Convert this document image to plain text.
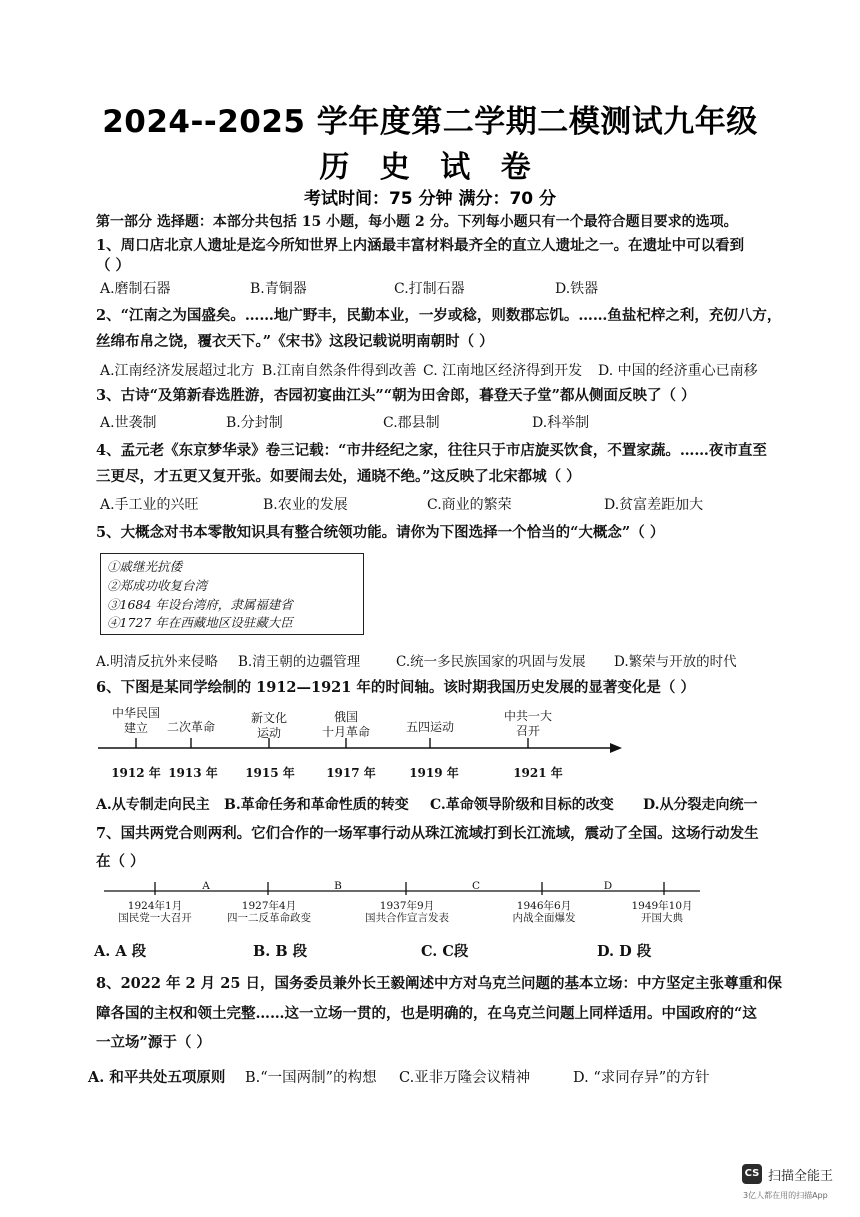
2024--2025 学年度第二学期二模测试九年级
历 史 试 卷
考试时间：75 分钟 满分：70 分
第一部分 选择题：本部分共包括 15 小题，每小题 2 分。下列每小题只有一个最符合题目要求的选项。
1、周口店北京人遗址是迄今所知世界上内涵最丰富材料最齐全的直立人遗址之一。在遗址中可以看到
（ ）
A.磨制石器	B.青铜器	C.打制石器	D.铁器
2、“江南之为国盛矣。……地广野丰，民勤本业，一岁或稔，则数郡忘饥。……鱼盐杞梓之利，充仞八方，
丝绵布帛之饶，覆衣天下。”《宋书》这段记载说明南朝时（ ）
A.江南经济发展超过北方 B.江南自然条件得到改善 C. 江南地区经济得到开发 D. 中国的经济重心已南移
3、古诗“及第新春选胜游，杏园初宴曲江头”“朝为田舍郎，暮登天子堂”都从侧面反映了（ ）
A.世袭制	B.分封制	C.郡县制	D.科举制
4、孟元老《东京梦华录》卷三记载：“市井经纪之家，往往只于市店旋买饮食，不置家蔬。……夜市直至
三更尽，才五更又复开张。如要闹去处，通晓不绝。”这反映了北宋都城（ ）
A.手工业的兴旺	B.农业的发展	C.商业的繁荣	D.贫富差距加大
5、大概念对书本零散知识具有整合统领功能。请你为下图选择一个恰当的“大概念”（ ）
①戚继光抗倭
②郑成功收复台湾
③1684 年设台湾府，隶属福建省
④1727 年在西藏地区设驻藏大臣
A.明清反抗外来侵略 B.清王朝的边疆管理	C.统一多民族国家的巩固与发展 D.繁荣与开放的时代
6、下图是某同学绘制的 1912—1921 年的时间轴。该时期我国历史发展的显著变化是（ ）
中华民国
建立	二次革命
新文化
运动
俄国
十月革命	五四运动
中共一大
召开
1912 年 1913 年	1915 年	1917 年	1919 年	1921 年
A.从专制走向民主 B.革命任务和革命性质的转变 C.革命领导阶级和目标的改变 D.从分裂走向统一
7、国共两党合则两利。它们合作的一场军事行动从珠江流域打到长江流域，震动了全国。这场行动发生
在（ ）
A	B	C	D
1924年1月
国民党一大召开
1927年4月
四一二反革命政变
1937年9月
国共合作宣言发表
1946年6月
内战全面爆发
1949年10月
开国大典
A. A 段	B. B 段	C. C段	D. D 段
8、2022 年 2 月 25 日，国务委员兼外长王毅阐述中方对乌克兰问题的基本立场：中方坚定主张尊重和保
障各国的主权和领土完整……这一立场一贯的，也是明确的，在乌克兰问题上同样适用。中国政府的“这
一立场”源于（ ）
A. 和平共处五项原则 B.“一国两制”的构想 C.亚非万隆会议精神	D. “求同存异”的方针
CS 扫描全能王
3亿人都在用的扫描App
